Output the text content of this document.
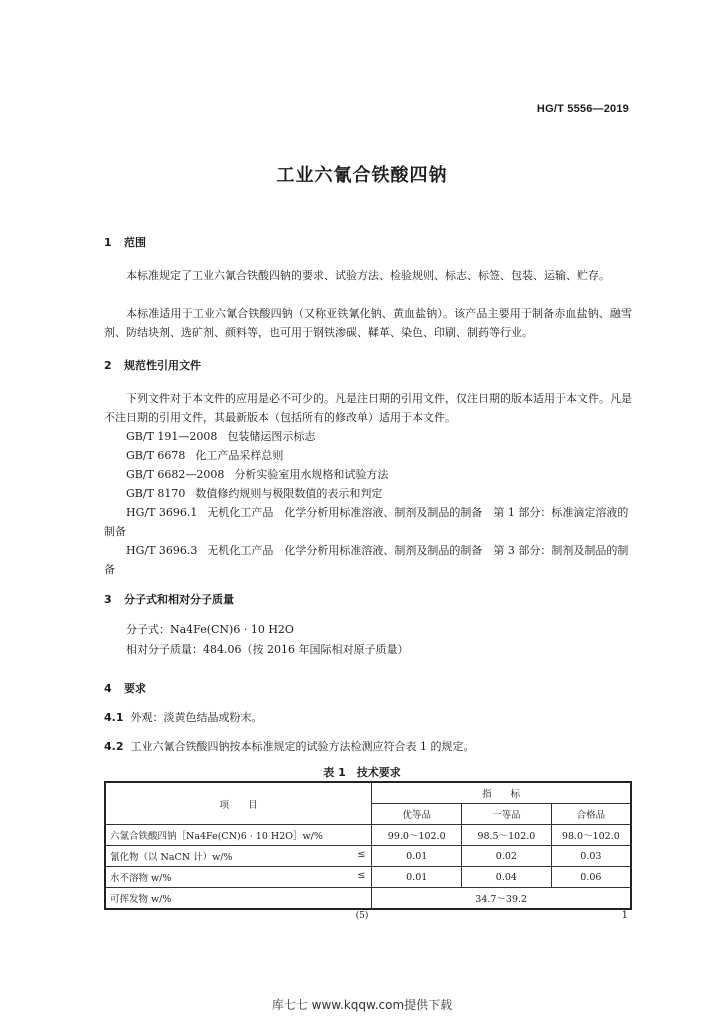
HG/T 5556—2019
工业六氰合铁酸四钠
1 范围
本标准规定了工业六氰合铁酸四钠的要求、试验方法、检验规则、标志、标签、包装、运输、贮存。
本标准适用于工业六氰合铁酸四钠（又称亚铁氰化钠、黄血盐钠）。该产品主要用于制备赤血盐钠、融雪剂、防结块剂、选矿剂、颜料等，也可用于钢铁渗碳、鞣革、染色、印刷、制药等行业。
2 规范性引用文件
下列文件对于本文件的应用是必不可少的。凡是注日期的引用文件，仅注日期的版本适用于本文件。凡是不注日期的引用文件，其最新版本（包括所有的修改单）适用于本文件。
GB/T 191—2008 包装储运图示标志
GB/T 6678 化工产品采样总则
GB/T 6682—2008 分析实验室用水规格和试验方法
GB/T 8170 数值修约规则与极限数值的表示和判定
HG/T 3696.1 无机化工产品　化学分析用标准溶液、制剂及制品的制备　第 1 部分：标准滴定溶液的制备
HG/T 3696.3 无机化工产品　化学分析用标准溶液、制剂及制品的制备　第 3 部分：制剂及制品的制备
3 分子式和相对分子质量
分子式：Na4Fe(CN)6 · 10 H2O
相对分子质量：484.06（按 2016 年国际相对原子质量）
4 要求
4.1 外观：淡黄色结晶或粉末。
4.2 工业六氰合铁酸四钠按本标准规定的试验方法检测应符合表 1 的规定。
表 1　技术要求
项　　目	指　　标		
	优等品	一等品	合格品
六氰合铁酸四钠［Na4Fe(CN)6 · 10 H2O］w/%	99.0～102.0	98.5～102.0	98.0～102.0
氰化物（以 NaCN 计）w/% ≤	0.01	0.02	0.03
水不溶物 w/% ≤	0.01	0.04	0.06
可挥发物 w/%	34.7～39.2		
(5)	1
库七七 www.kqqw.com提供下载
